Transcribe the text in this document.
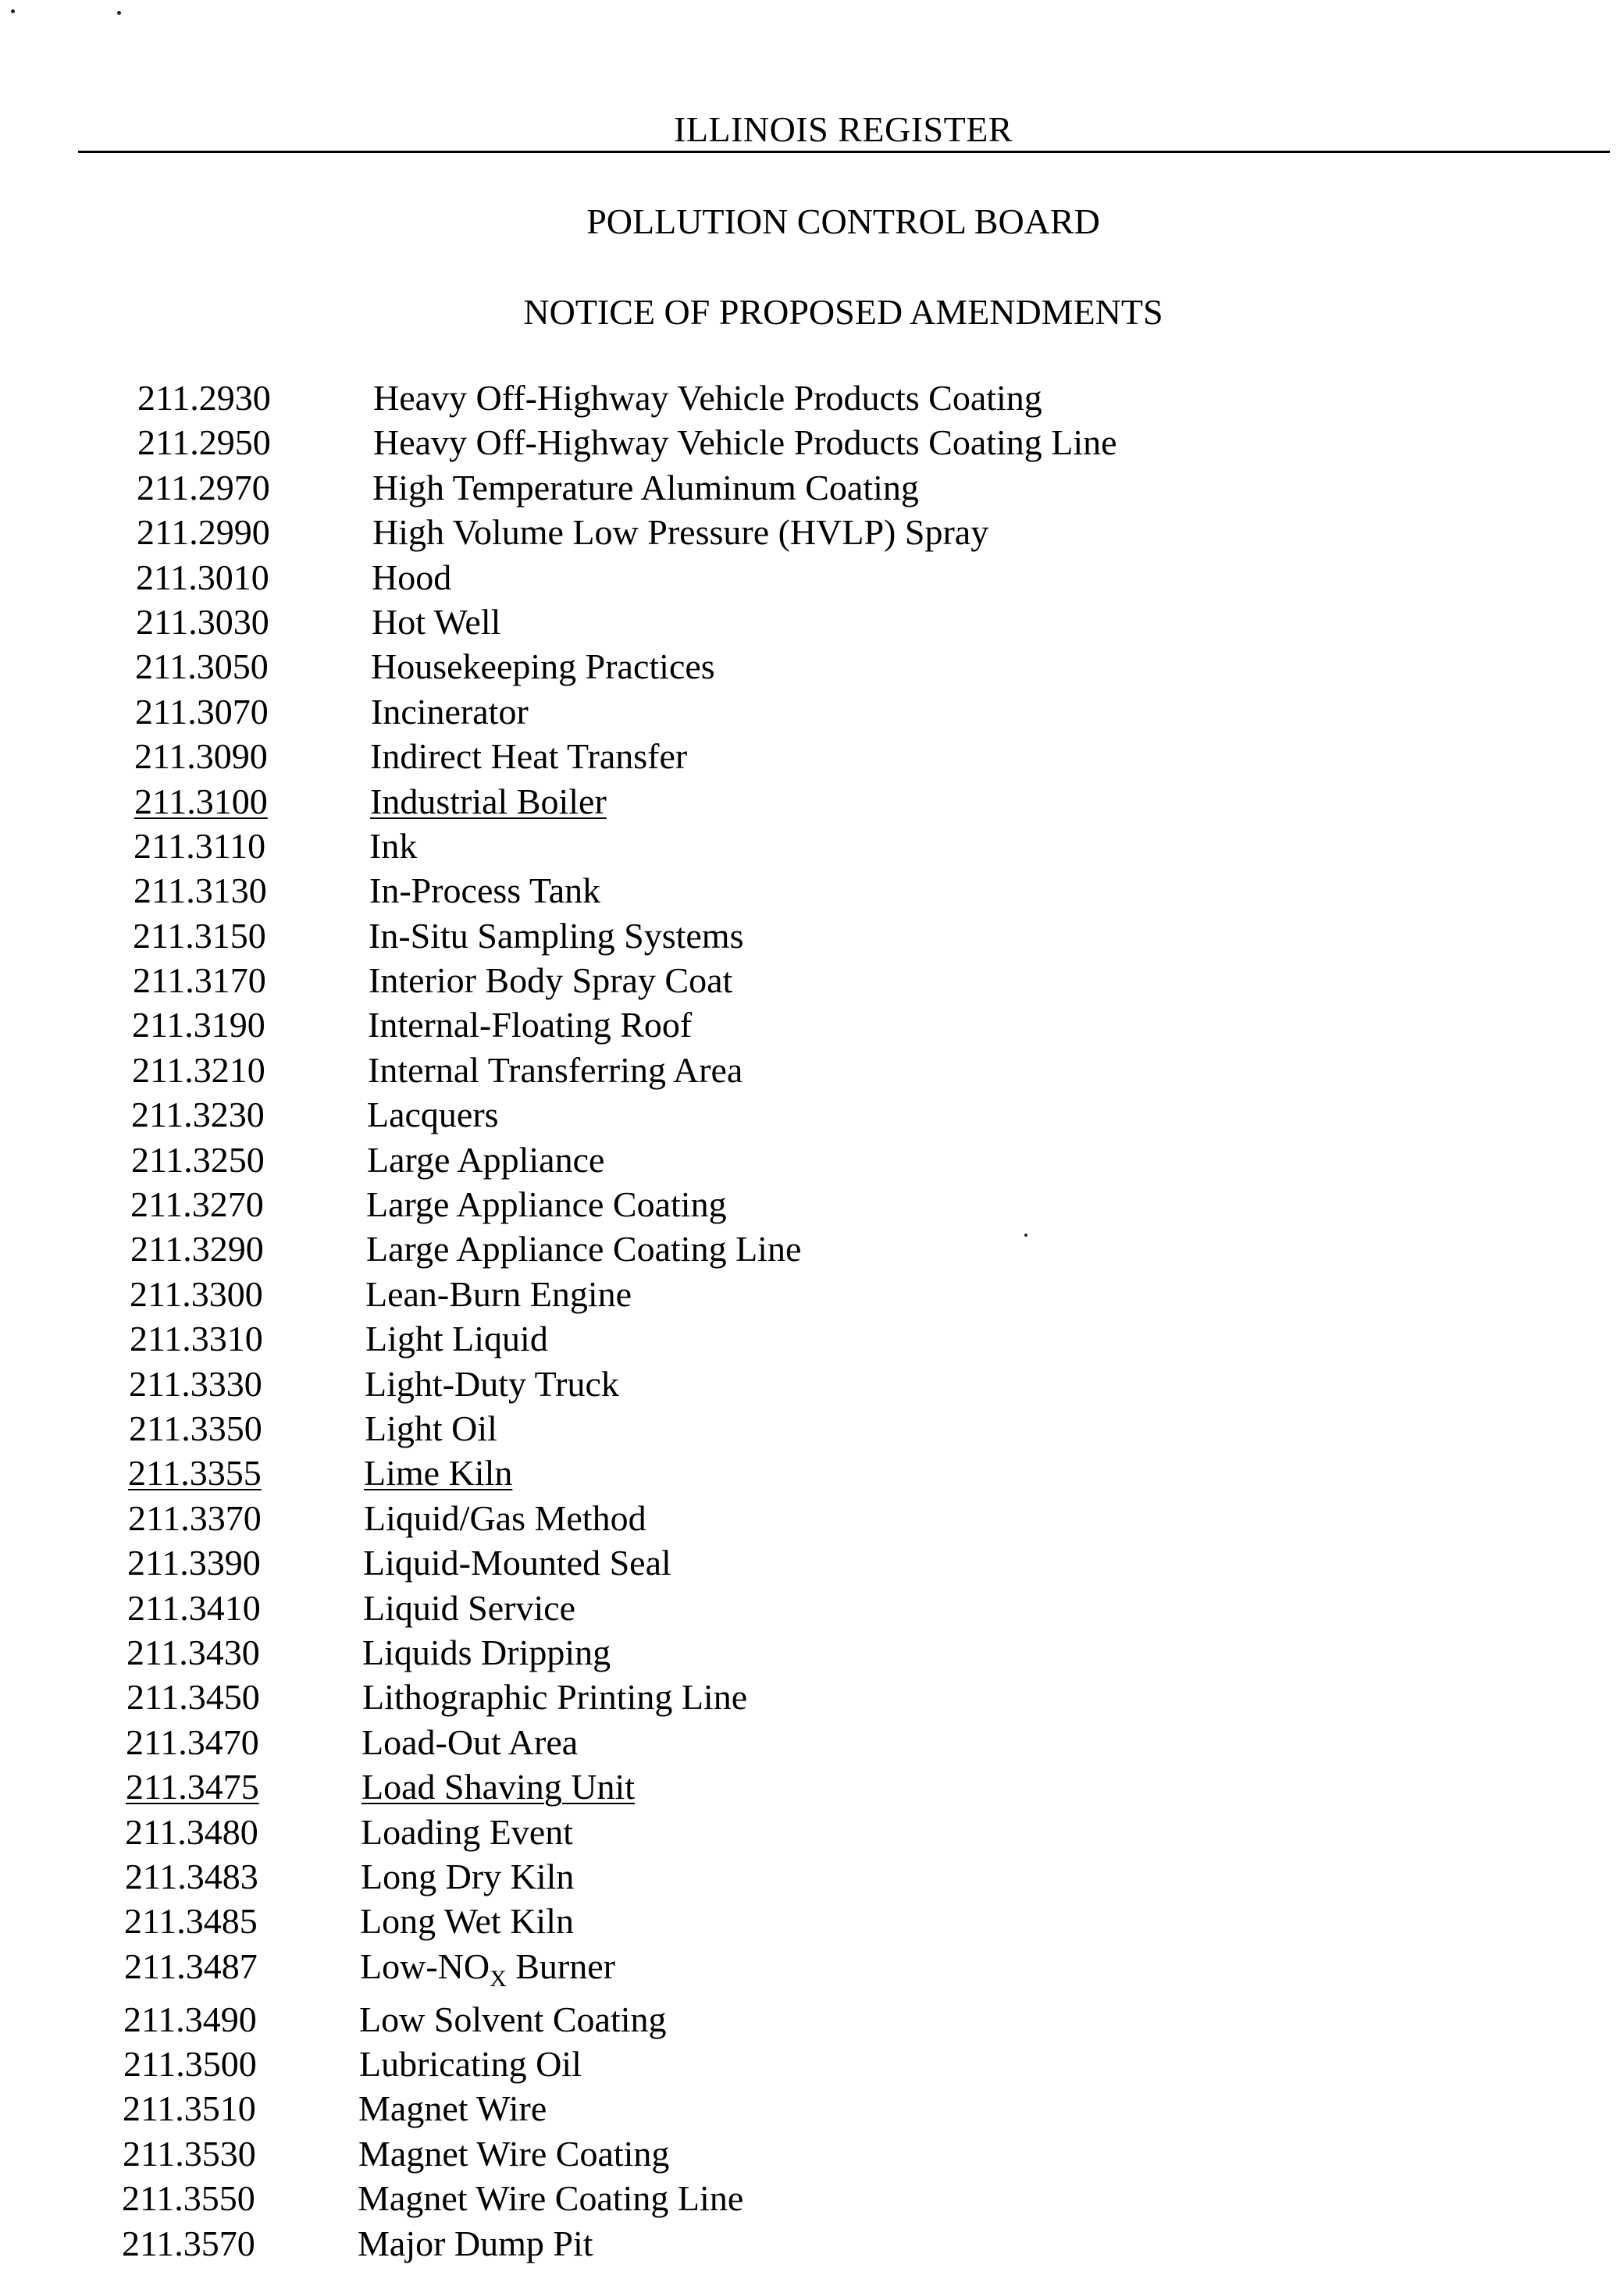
ILLINOIS REGISTER
POLLUTION CONTROL BOARD
NOTICE OF PROPOSED AMENDMENTS
211.2930	Heavy Off-Highway Vehicle Products Coating
211.2950	Heavy Off-Highway Vehicle Products Coating Line
211.2970	High Temperature Aluminum Coating
211.2990	High Volume Low Pressure (HVLP) Spray
211.3010	Hood
211.3030	Hot Well
211.3050	Housekeeping Practices
211.3070	Incinerator
211.3090	Indirect Heat Transfer
211.3100	Industrial Boiler
211.3110	Ink
211.3130	In-Process Tank
211.3150	In-Situ Sampling Systems
211.3170	Interior Body Spray Coat
211.3190	Internal-Floating Roof
211.3210	Internal Transferring Area
211.3230	Lacquers
211.3250	Large Appliance
211.3270	Large Appliance Coating
211.3290	Large Appliance Coating Line
211.3300	Lean-Burn Engine
211.3310	Light Liquid
211.3330	Light-Duty Truck
211.3350	Light Oil
211.3355	Lime Kiln
211.3370	Liquid/Gas Method
211.3390	Liquid-Mounted Seal
211.3410	Liquid Service
211.3430	Liquids Dripping
211.3450	Lithographic Printing Line
211.3470	Load-Out Area
211.3475	Load Shaving Unit
211.3480	Loading Event
211.3483	Long Dry Kiln
211.3485	Long Wet Kiln
211.3487	Low-$NO_X$ Burner
211.3490	Low Solvent Coating
211.3500	Lubricating Oil
211.3510	Magnet Wire
211.3530	Magnet Wire Coating
211.3550	Magnet Wire Coating Line
211.3570	Major Dump Pit
